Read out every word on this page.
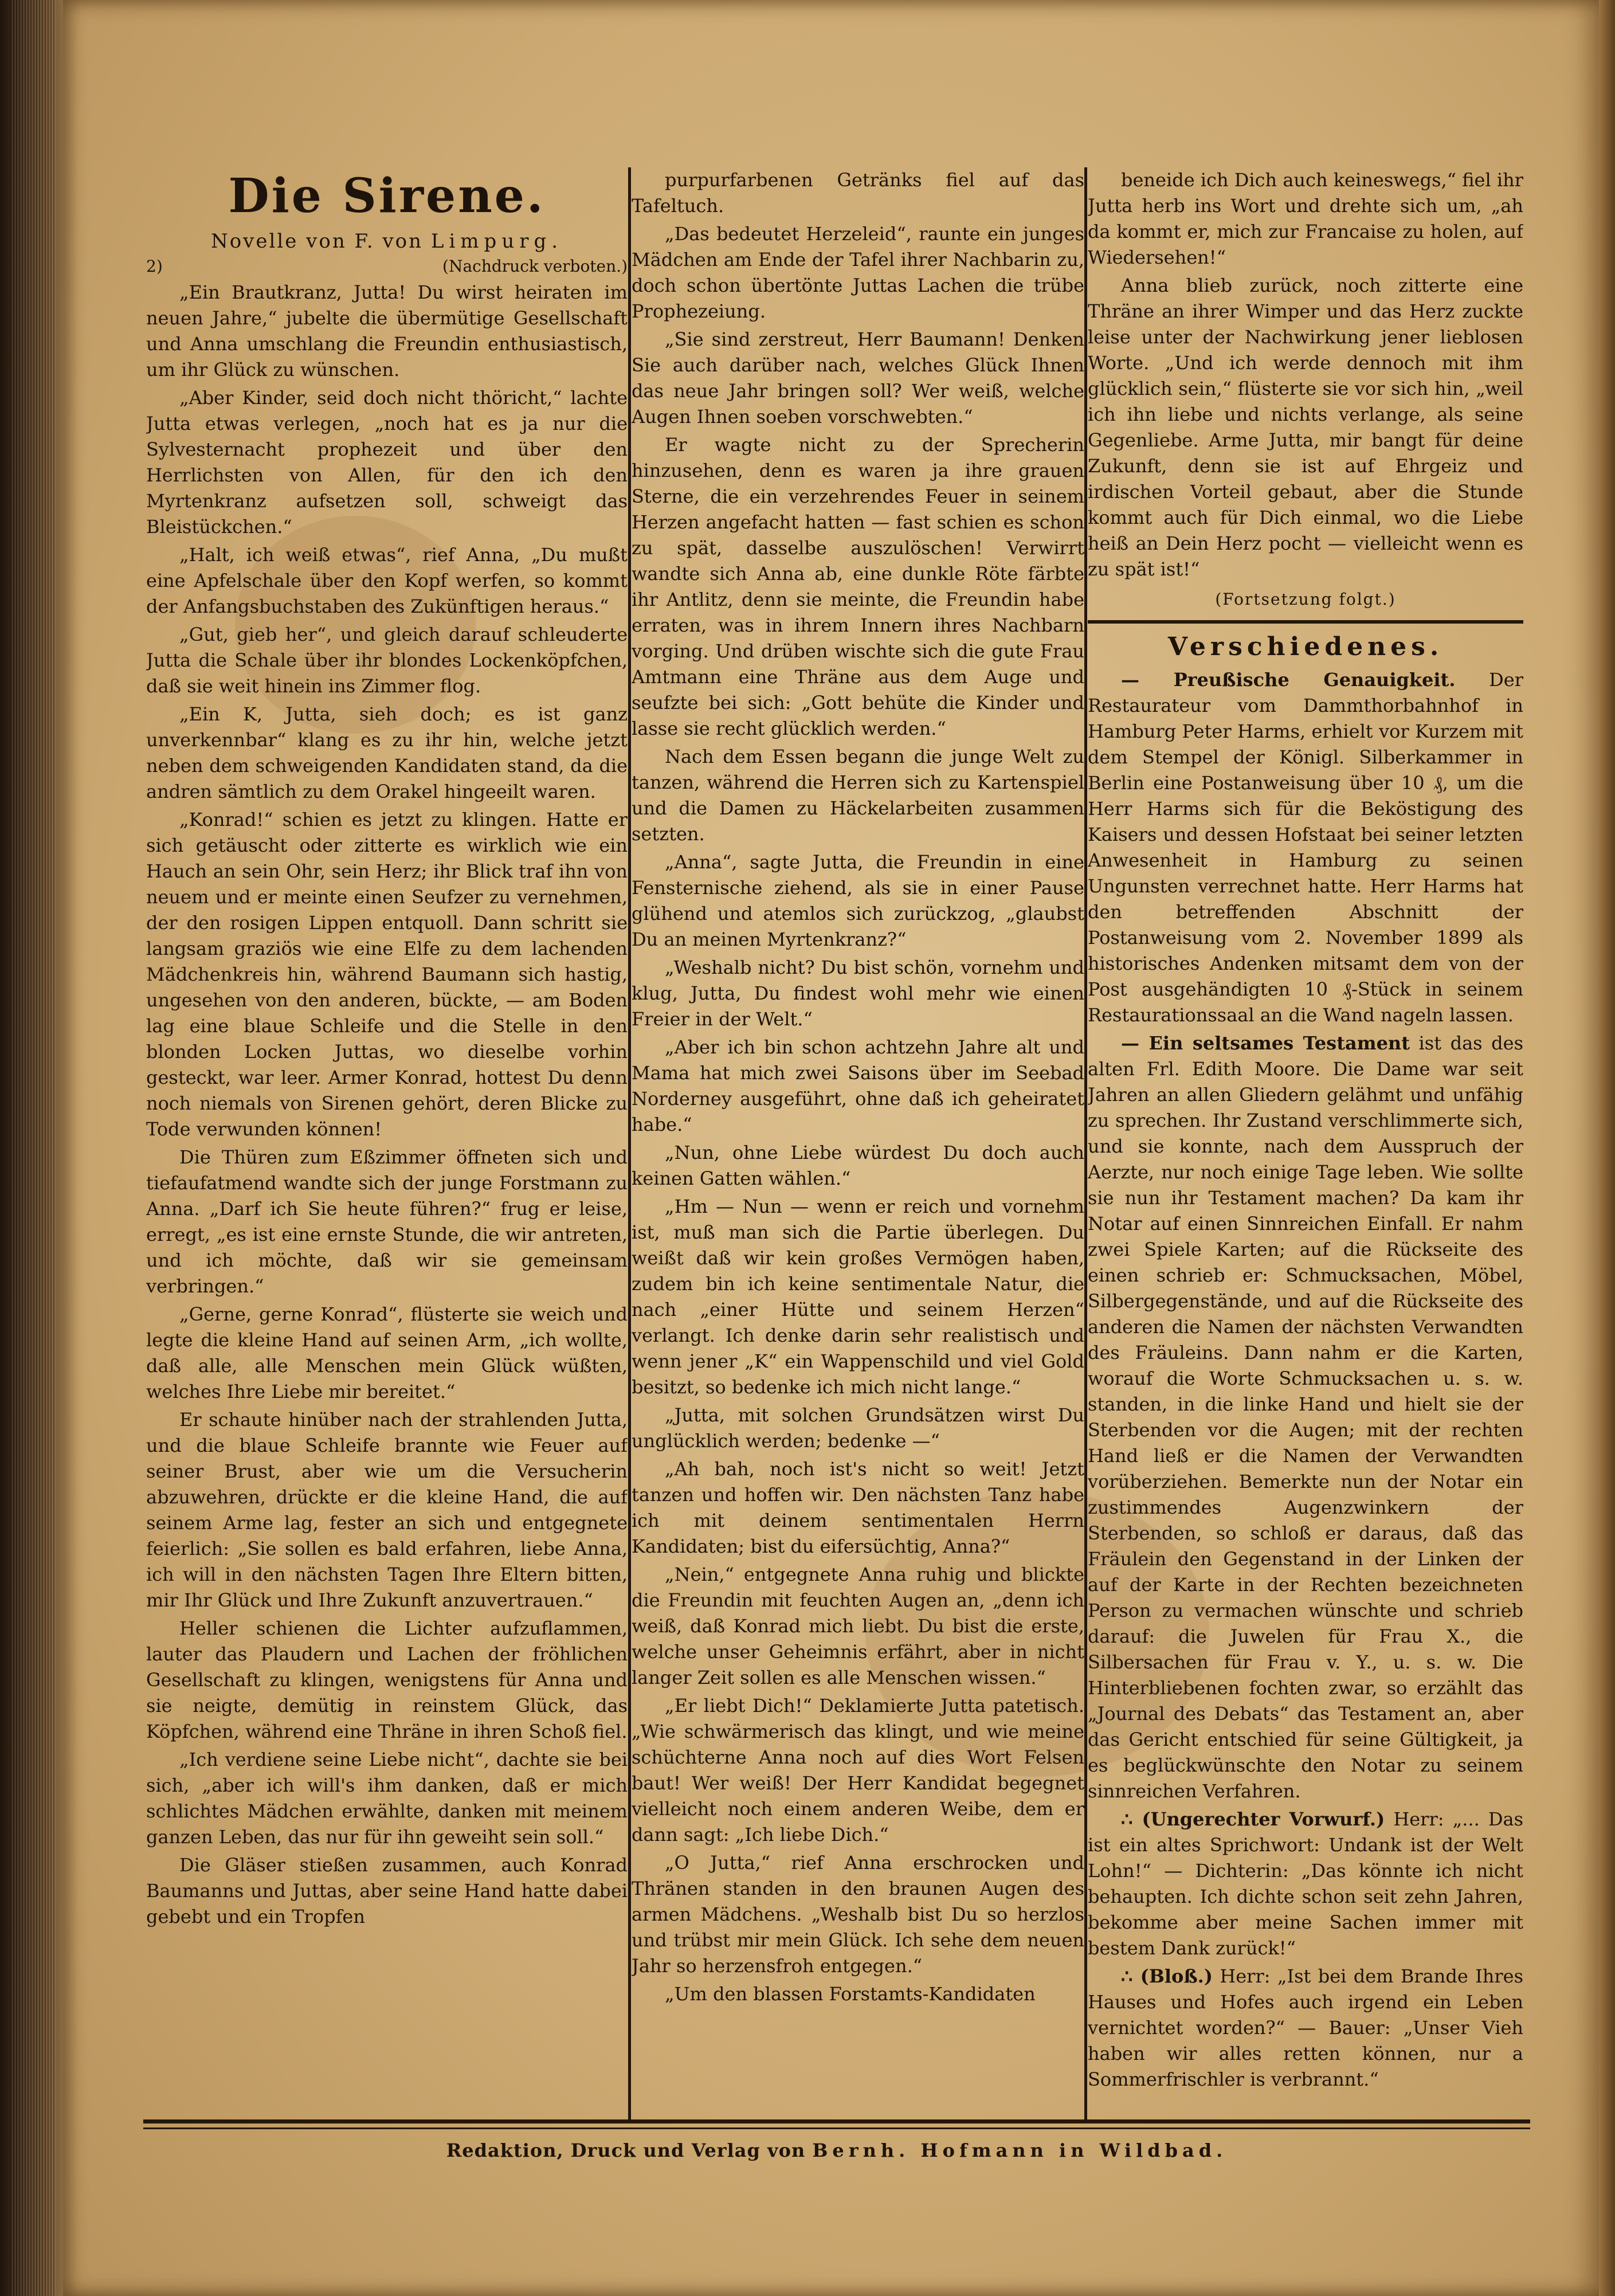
Die Sirene.
Novelle von F. von Limpurg.
2)	(Nachdruck verboten.)

„Ein Brautkranz, Jutta! Du wirst heiraten im neuen Jahre,“ jubelte die übermütige Gesellschaft und Anna umschlang die Freundin enthusiastisch, um ihr Glück zu wünschen.

„Aber Kinder, seid doch nicht thöricht,“ lachte Jutta etwas verlegen, „noch hat es ja nur die Sylvesternacht prophezeit und über den Herrlichsten von Allen, für den ich den Myrtenkranz aufsetzen soll, schweigt das Bleistückchen.“

„Halt, ich weiß etwas“, rief Anna, „Du mußt eine Apfelschale über den Kopf werfen, so kommt der Anfangsbuchstaben des Zukünftigen heraus.“

„Gut, gieb her“, und gleich darauf schleuderte Jutta die Schale über ihr blondes Lockenköpfchen, daß sie weit hinein ins Zimmer flog.

„Ein K, Jutta, sieh doch; es ist ganz unverkennbar“ klang es zu ihr hin, welche jetzt neben dem schweigenden Kandidaten stand, da die andren sämtlich zu dem Orakel hingeeilt waren.

„Konrad!“ schien es jetzt zu klingen. Hatte er sich getäuscht oder zitterte es wirklich wie ein Hauch an sein Ohr, sein Herz; ihr Blick traf ihn von neuem und er meinte einen Seufzer zu vernehmen, der den rosigen Lippen entquoll. Dann schritt sie langsam graziös wie eine Elfe zu dem lachenden Mädchenkreis hin, während Baumann sich hastig, ungesehen von den anderen, bückte, — am Boden lag eine blaue Schleife und die Stelle in den blonden Locken Juttas, wo dieselbe vorhin gesteckt, war leer. Armer Konrad, hottest Du denn noch niemals von Sirenen gehört, deren Blicke zu Tode verwunden können!

Die Thüren zum Eßzimmer öffneten sich und tiefaufatmend wandte sich der junge Forstmann zu Anna. „Darf ich Sie heute führen?“ frug er leise, erregt, „es ist eine ernste Stunde, die wir antreten, und ich möchte, daß wir sie gemeinsam verbringen.“

„Gerne, gerne Konrad“, flüsterte sie weich und legte die kleine Hand auf seinen Arm, „ich wollte, daß alle, alle Menschen mein Glück wüßten, welches Ihre Liebe mir bereitet.“

Er schaute hinüber nach der strahlenden Jutta, und die blaue Schleife brannte wie Feuer auf seiner Brust, aber wie um die Versucherin abzuwehren, drückte er die kleine Hand, die auf seinem Arme lag, fester an sich und entgegnete feierlich: „Sie sollen es bald erfahren, liebe Anna, ich will in den nächsten Tagen Ihre Eltern bitten, mir Ihr Glück und Ihre Zukunft anzuvertrauen.“

Heller schienen die Lichter aufzuflammen, lauter das Plaudern und Lachen der fröhlichen Gesellschaft zu klingen, wenigstens für Anna und sie neigte, demütig in reinstem Glück, das Köpfchen, während eine Thräne in ihren Schoß fiel.

„Ich verdiene seine Liebe nicht“, dachte sie bei sich, „aber ich will's ihm danken, daß er mich schlichtes Mädchen erwählte, danken mit meinem ganzen Leben, das nur für ihn geweiht sein soll.“

Die Gläser stießen zusammen, auch Konrad Baumanns und Juttas, aber seine Hand hatte dabei gebebt und ein Tropfen

purpurfarbenen Getränks fiel auf das Tafeltuch.

„Das bedeutet Herzeleid“, raunte ein junges Mädchen am Ende der Tafel ihrer Nachbarin zu, doch schon übertönte Juttas Lachen die trübe Prophezeiung.

„Sie sind zerstreut, Herr Baumann! Denken Sie auch darüber nach, welches Glück Ihnen das neue Jahr bringen soll? Wer weiß, welche Augen Ihnen soeben vorschwebten.“

Er wagte nicht zu der Sprecherin hinzusehen, denn es waren ja ihre grauen Sterne, die ein verzehrendes Feuer in seinem Herzen angefacht hatten — fast schien es schon zu spät, dasselbe auszulöschen! Verwirrt wandte sich Anna ab, eine dunkle Röte färbte ihr Antlitz, denn sie meinte, die Freundin habe erraten, was in ihrem Innern ihres Nachbarn vorging. Und drüben wischte sich die gute Frau Amtmann eine Thräne aus dem Auge und seufzte bei sich: „Gott behüte die Kinder und lasse sie recht glücklich werden.“

Nach dem Essen begann die junge Welt zu tanzen, während die Herren sich zu Kartenspiel und die Damen zu Häckelarbeiten zusammen setzten.

„Anna“, sagte Jutta, die Freundin in eine Fensternische ziehend, als sie in einer Pause glühend und atemlos sich zurückzog, „glaubst Du an meinen Myrtenkranz?“

„Weshalb nicht? Du bist schön, vornehm und klug, Jutta, Du findest wohl mehr wie einen Freier in der Welt.“

„Aber ich bin schon achtzehn Jahre alt und Mama hat mich zwei Saisons über im Seebad Norderney ausgeführt, ohne daß ich geheiratet habe.“

„Nun, ohne Liebe würdest Du doch auch keinen Gatten wählen.“

„Hm — Nun — wenn er reich und vornehm ist, muß man sich die Partie überlegen. Du weißt daß wir kein großes Vermögen haben, zudem bin ich keine sentimentale Natur, die nach „einer Hütte und seinem Herzen“ verlangt. Ich denke darin sehr realistisch und wenn jener „K“ ein Wappenschild und viel Gold besitzt, so bedenke ich mich nicht lange.“

„Jutta, mit solchen Grundsätzen wirst Du unglücklich werden; bedenke —“

„Ah bah, noch ist's nicht so weit! Jetzt tanzen und hoffen wir. Den nächsten Tanz habe ich mit deinem sentimentalen Herrn Kandidaten; bist du eifersüchtig, Anna?“

„Nein,“ entgegnete Anna ruhig und blickte die Freundin mit feuchten Augen an, „denn ich weiß, daß Konrad mich liebt. Du bist die erste, welche unser Geheimnis erfährt, aber in nicht langer Zeit sollen es alle Menschen wissen.“

„Er liebt Dich!“ Deklamierte Jutta patetisch. „Wie schwärmerisch das klingt, und wie meine schüchterne Anna noch auf dies Wort Felsen baut! Wer weiß! Der Herr Kandidat begegnet vielleicht noch einem anderen Weibe, dem er dann sagt: „Ich liebe Dich.“

„O Jutta,“ rief Anna erschrocken und Thränen standen in den braunen Augen des armen Mädchens. „Weshalb bist Du so herzlos und trübst mir mein Glück. Ich sehe dem neuen Jahr so herzensfroh entgegen.“

„Um den blassen Forstamts-Kandidaten

beneide ich Dich auch keineswegs,“ fiel ihr Jutta herb ins Wort und drehte sich um, „ah da kommt er, mich zur Francaise zu holen, auf Wiedersehen!“

Anna blieb zurück, noch zitterte eine Thräne an ihrer Wimper und das Herz zuckte leise unter der Nachwirkung jener lieblosen Worte. „Und ich werde dennoch mit ihm glücklich sein,“ flüsterte sie vor sich hin, „weil ich ihn liebe und nichts verlange, als seine Gegenliebe. Arme Jutta, mir bangt für deine Zukunft, denn sie ist auf Ehrgeiz und irdischen Vorteil gebaut, aber die Stunde kommt auch für Dich einmal, wo die Liebe heiß an Dein Herz pocht — vielleicht wenn es zu spät ist!“

(Fortsetzung folgt.)
Verschiedenes.

— Preußische Genauigkeit. Der Restaurateur vom Dammthorbahnhof in Hamburg Peter Harms, erhielt vor Kurzem mit dem Stempel der Königl. Silberkammer in Berlin eine Postanweisung über 10 ₰, um die Herr Harms sich für die Beköstigung des Kaisers und dessen Hofstaat bei seiner letzten Anwesenheit in Hamburg zu seinen Ungunsten verrechnet hatte. Herr Harms hat den betreffenden Abschnitt der Postanweisung vom 2. November 1899 als historisches Andenken mitsamt dem von der Post ausgehändigten 10 ₰-Stück in seinem Restaurationssaal an die Wand nageln lassen.

— Ein seltsames Testament ist das des alten Frl. Edith Moore. Die Dame war seit Jahren an allen Gliedern gelähmt und unfähig zu sprechen. Ihr Zustand verschlimmerte sich, und sie konnte, nach dem Ausspruch der Aerzte, nur noch einige Tage leben. Wie sollte sie nun ihr Testament machen? Da kam ihr Notar auf einen Sinnreichen Einfall. Er nahm zwei Spiele Karten; auf die Rückseite des einen schrieb er: Schmucksachen, Möbel, Silbergegenstände, und auf die Rückseite des anderen die Namen der nächsten Verwandten des Fräuleins. Dann nahm er die Karten, worauf die Worte Schmucksachen u. s. w. standen, in die linke Hand und hielt sie der Sterbenden vor die Augen; mit der rechten Hand ließ er die Namen der Verwandten vorüberziehen. Bemerkte nun der Notar ein zustimmendes Augenzwinkern der Sterbenden, so schloß er daraus, daß das Fräulein den Gegenstand in der Linken der auf der Karte in der Rechten bezeichneten Person zu vermachen wünschte und schrieb darauf: die Juwelen für Frau X., die Silbersachen für Frau v. Y., u. s. w. Die Hinterbliebenen fochten zwar, so erzählt das „Journal des Debats“ das Testament an, aber das Gericht entschied für seine Gültigkeit, ja es beglückwünschte den Notar zu seinem sinnreichen Verfahren.

∴ (Ungerechter Vorwurf.) Herr: „... Das ist ein altes Sprichwort: Undank ist der Welt Lohn!“ — Dichterin: „Das könnte ich nicht behaupten. Ich dichte schon seit zehn Jahren, bekomme aber meine Sachen immer mit bestem Dank zurück!“

∴ (Bloß.) Herr: „Ist bei dem Brande Ihres Hauses und Hofes auch irgend ein Leben vernichtet worden?“ — Bauer: „Unser Vieh haben wir alles retten können, nur a Sommerfrischler is verbrannt.“

Redaktion, Druck und Verlag von Bernh. Hofmann in Wildbad.
